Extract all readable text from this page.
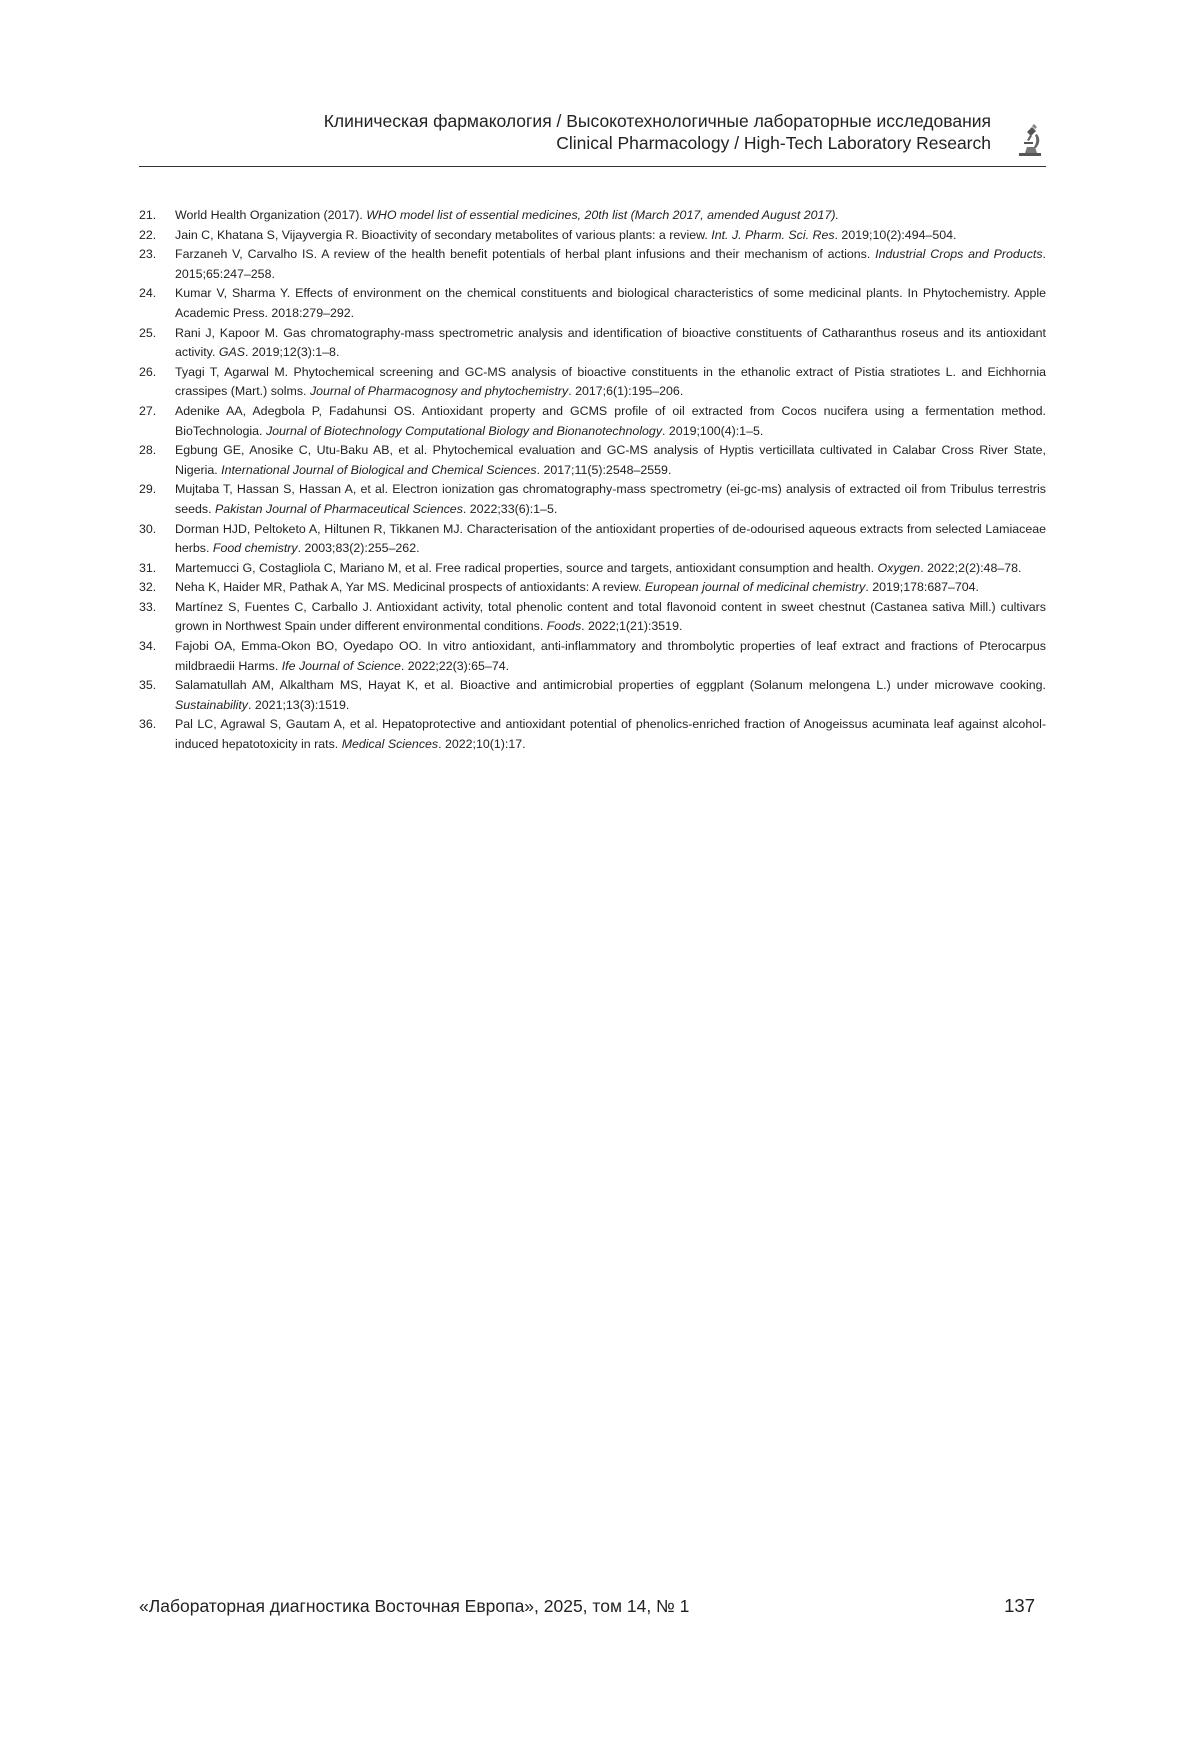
Клиническая фармакология / Высокотехнологичные лабораторные исследования
Clinical Pharmacology / High-Tech Laboratory Research
21.	World Health Organization (2017). WHO model list of essential medicines, 20th list (March 2017, amended August 2017).
22.	Jain C, Khatana S, Vijayvergia R. Bioactivity of secondary metabolites of various plants: a review. Int. J. Pharm. Sci. Res. 2019;10(2):494–504.
23.	Farzaneh V, Carvalho IS. A review of the health benefit potentials of herbal plant infusions and their mechanism of actions. Industrial Crops and Products. 2015;65:247–258.
24.	Kumar V, Sharma Y. Effects of environment on the chemical constituents and biological characteristics of some medicinal plants. In Phytochemistry. Apple Academic Press. 2018:279–292.
25.	Rani J, Kapoor M. Gas chromatography-mass spectrometric analysis and identification of bioactive constituents of Catharanthus roseus and its antioxidant activity. GAS. 2019;12(3):1–8.
26.	Tyagi T, Agarwal M. Phytochemical screening and GC-MS analysis of bioactive constituents in the ethanolic extract of Pistia stratiotes L. and Eichhornia crassipes (Mart.) solms. Journal of Pharmacognosy and phytochemistry. 2017;6(1):195–206.
27.	Adenike AA, Adegbola P, Fadahunsi OS. Antioxidant property and GCMS profile of oil extracted from Cocos nucifera using a fermentation method. BioTechnologia. Journal of Biotechnology Computational Biology and Bionanotechnology. 2019;100(4):1–5.
28.	Egbung GE, Anosike C, Utu-Baku AB, et al. Phytochemical evaluation and GC-MS analysis of Hyptis verticillata cultivated in Calabar Cross River State, Nigeria. International Journal of Biological and Chemical Sciences. 2017;11(5):2548–2559.
29.	Mujtaba T, Hassan S, Hassan A, et al. Electron ionization gas chromatography-mass spectrometry (ei-gc-ms) analysis of extracted oil from Tribulus terrestris seeds. Pakistan Journal of Pharmaceutical Sciences. 2022;33(6):1–5.
30.	Dorman HJD, Peltoketo A, Hiltunen R, Tikkanen MJ. Characterisation of the antioxidant properties of de-odourised aqueous extracts from selected Lamiaceae herbs. Food chemistry. 2003;83(2):255–262.
31.	Martemucci G, Costagliola C, Mariano M, et al. Free radical properties, source and targets, antioxidant consumption and health. Oxygen. 2022;2(2):48–78.
32.	Neha K, Haider MR, Pathak A, Yar MS. Medicinal prospects of antioxidants: A review. European journal of medicinal chemistry. 2019;178:687–704.
33.	Martínez S, Fuentes C, Carballo J. Antioxidant activity, total phenolic content and total flavonoid content in sweet chestnut (Castanea sativa Mill.) cultivars grown in Northwest Spain under different environmental conditions. Foods. 2022;1(21):3519.
34.	Fajobi OA, Emma-Okon BO, Oyedapo OO. In vitro antioxidant, anti-inflammatory and thrombolytic properties of leaf extract and fractions of Pterocarpus mildbraedii Harms. Ife Journal of Science. 2022;22(3):65–74.
35.	Salamatullah AM, Alkaltham MS, Hayat K, et al. Bioactive and antimicrobial properties of eggplant (Solanum melongena L.) under microwave cooking. Sustainability. 2021;13(3):1519.
36.	Pal LC, Agrawal S, Gautam A, et al. Hepatoprotective and antioxidant potential of phenolics-enriched fraction of Anogeissus acuminata leaf against alcohol-induced hepatotoxicity in rats. Medical Sciences. 2022;10(1):17.
«Лабораторная диагностика Восточная Европа», 2025, том 14, № 1	137
